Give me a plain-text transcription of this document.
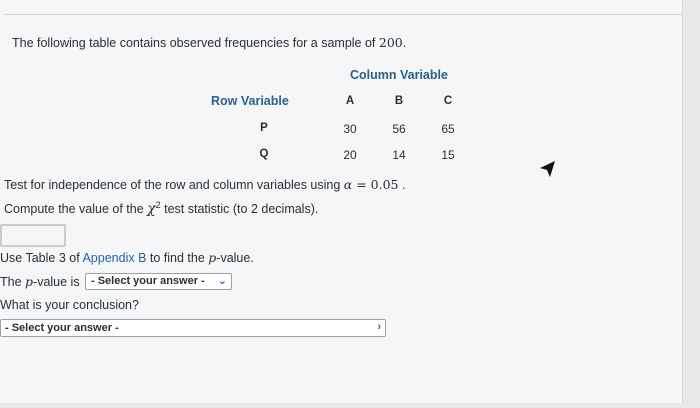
The following table contains observed frequencies for a sample of 200.
Column Variable
Row Variable	A	B	C
P	30	56	65
Q	20	14	15
Test for independence of the row and column variables using α = 0.05 .
Compute the value of the $\chi^2$ test statistic (to 2 decimals).
Use Table 3 of Appendix B to find the p-value.
The p-value is - Select your answer - ⌄
What is your conclusion?
- Select your answer -	›
